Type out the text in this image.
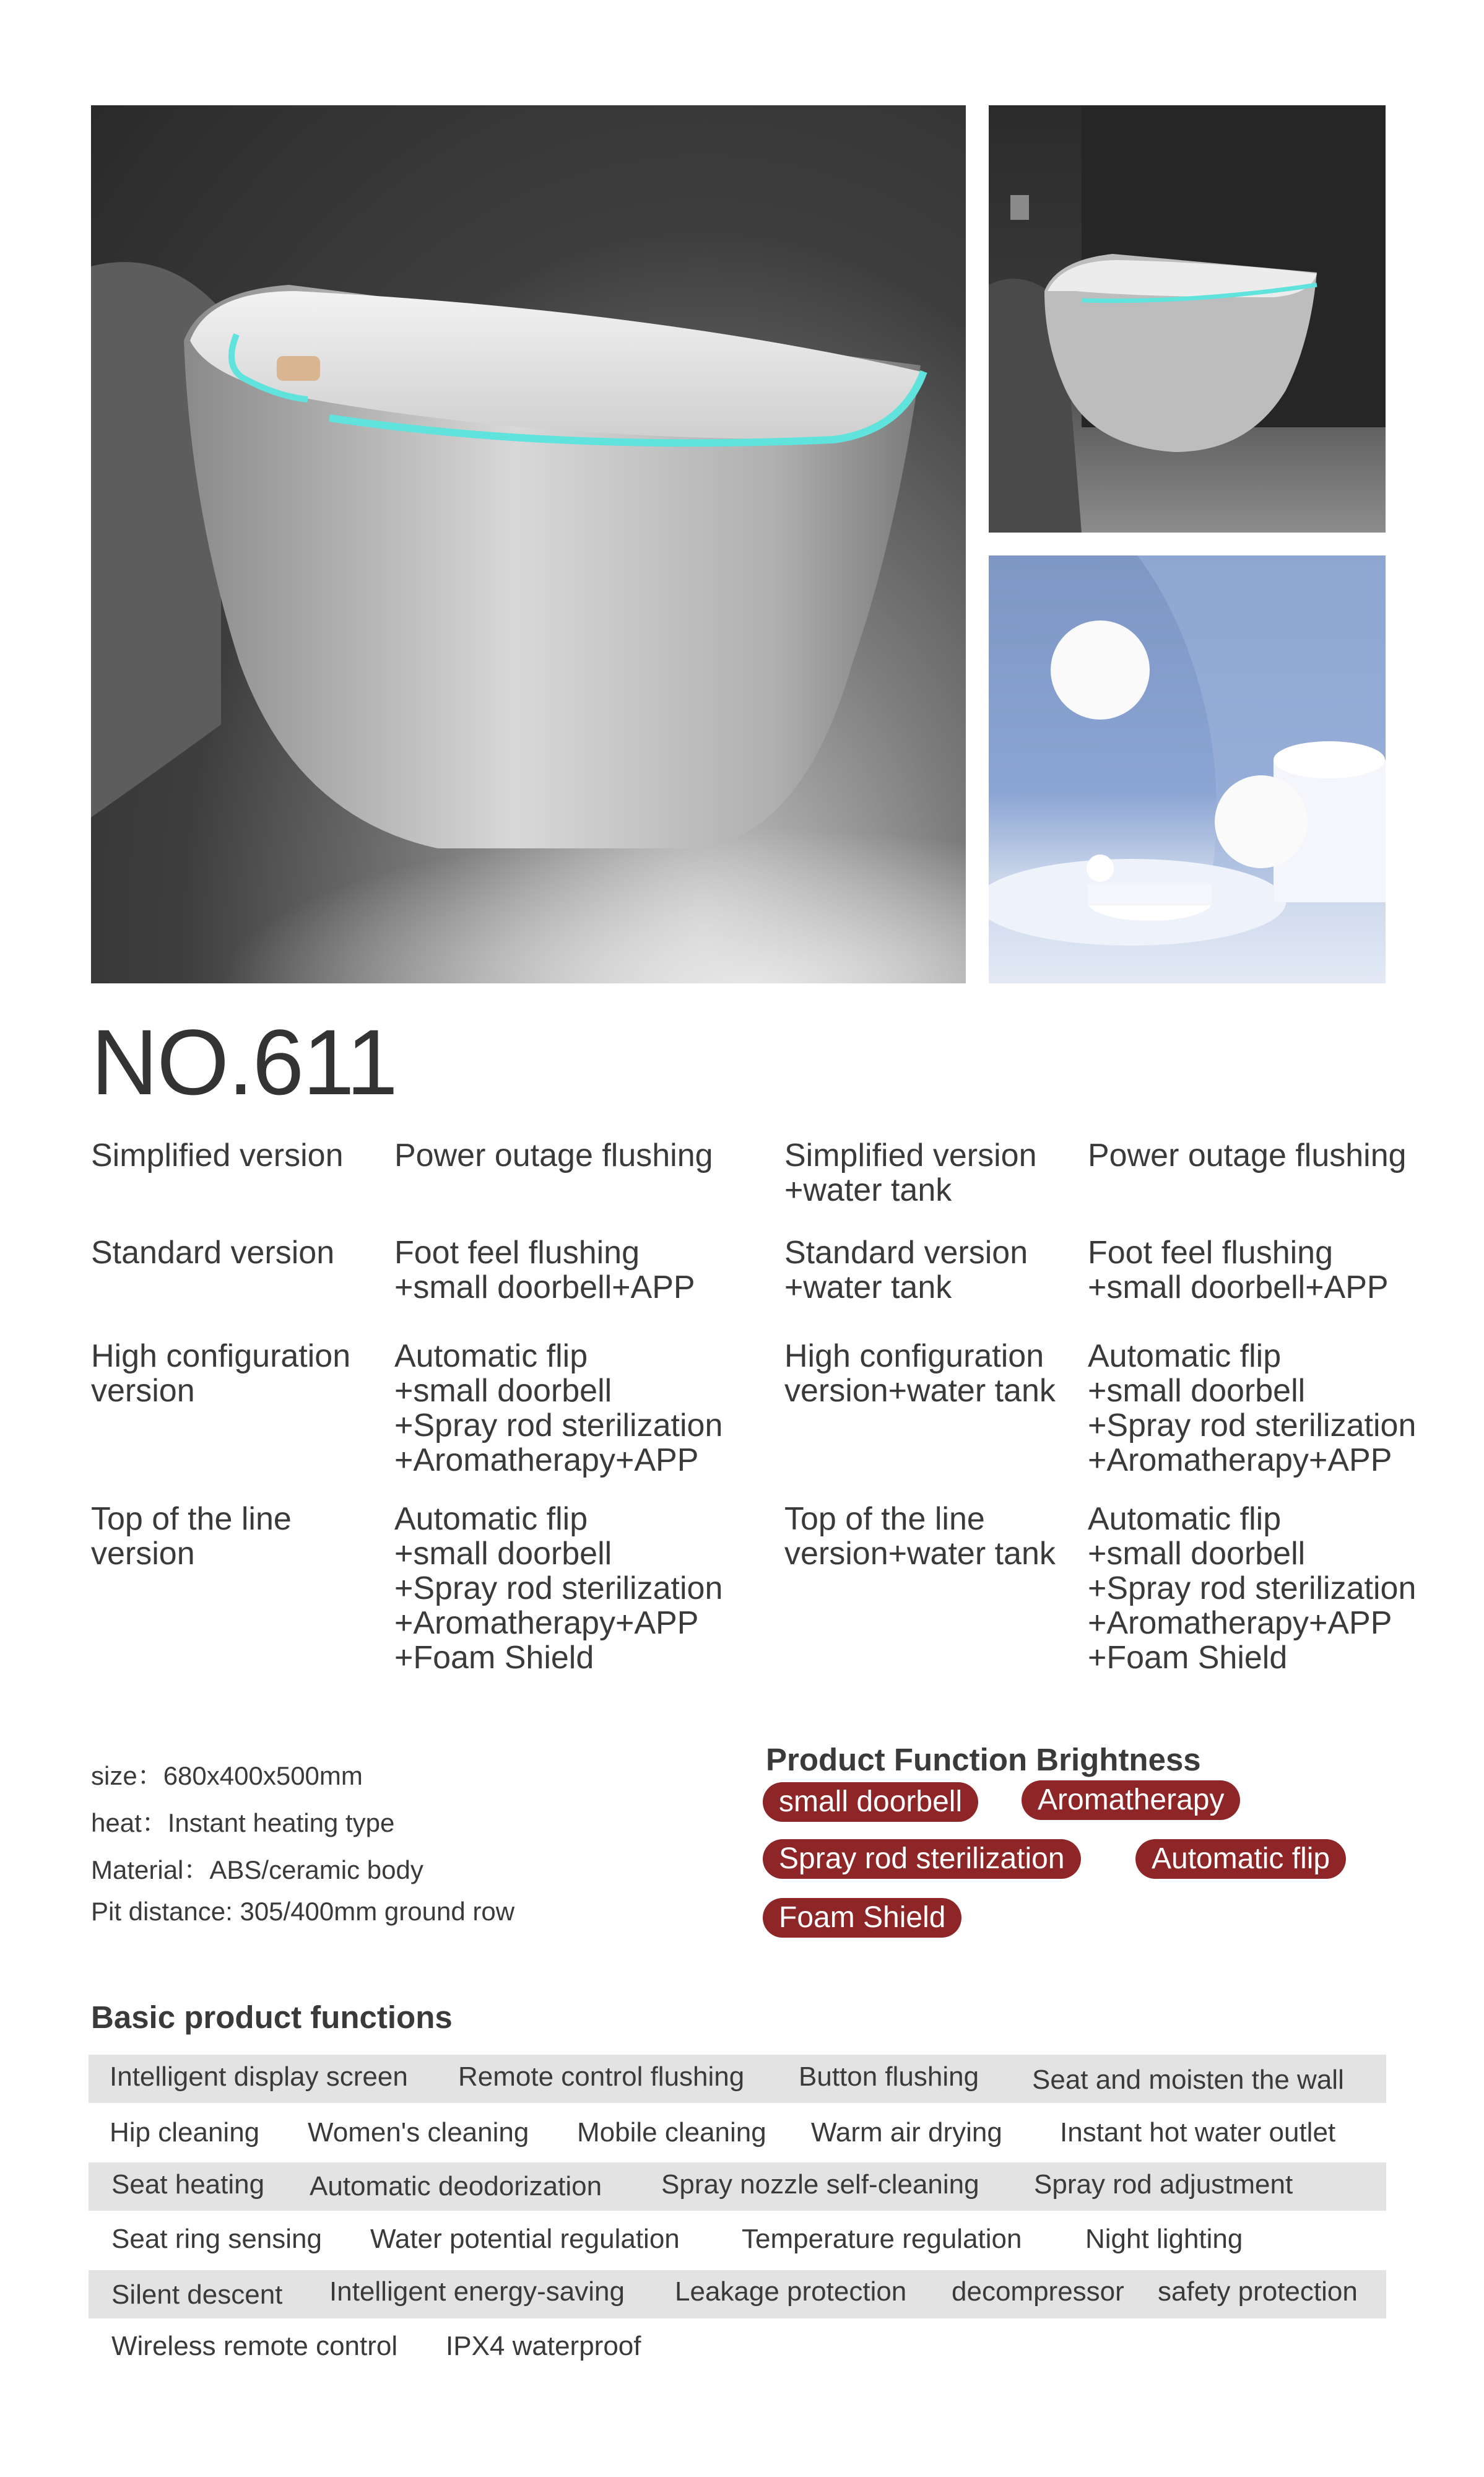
NO.611
Simplified version Power outage flushing Simplified version
+water tank
Power outage flushing
Standard version Foot feel flushing
+small doorbell+APP
Standard version
+water tank
Foot feel flushing
+small doorbell+APP
High configuration
version
Automatic flip
+small doorbell
+Spray rod sterilization
+Aromatherapy+APP
High configuration
version+water tank
Automatic flip
+small doorbell
+Spray rod sterilization
+Aromatherapy+APP
Top of the line
version
Automatic flip
+small doorbell
+Spray rod sterilization
+Aromatherapy+APP
+Foam Shield
Top of the line
version+water tank
Automatic flip
+small doorbell
+Spray rod sterilization
+Aromatherapy+APP
+Foam Shield
size：680x400x500mm
heat：Instant heating type
Material：ABS/ceramic body
Pit distance: 305/400mm ground row
Product Function Brightness
small doorbell	Aromatherapy
Spray rod sterilization	Automatic flip
Foam Shield
Basic product functions
Intelligent display screen Remote control flushing Button flushing Seat and moisten the wall
Hip cleaning Women's cleaning Mobile cleaning Warm air drying Instant hot water outlet
Seat heating Automatic deodorization Spray nozzle self-cleaning Spray rod adjustment
Seat ring sensing Water potential regulation Temperature regulation Night lighting
Silent descent Intelligent energy-saving Leakage protection decompressor safety protection
Wireless remote control IPX4 waterproof
